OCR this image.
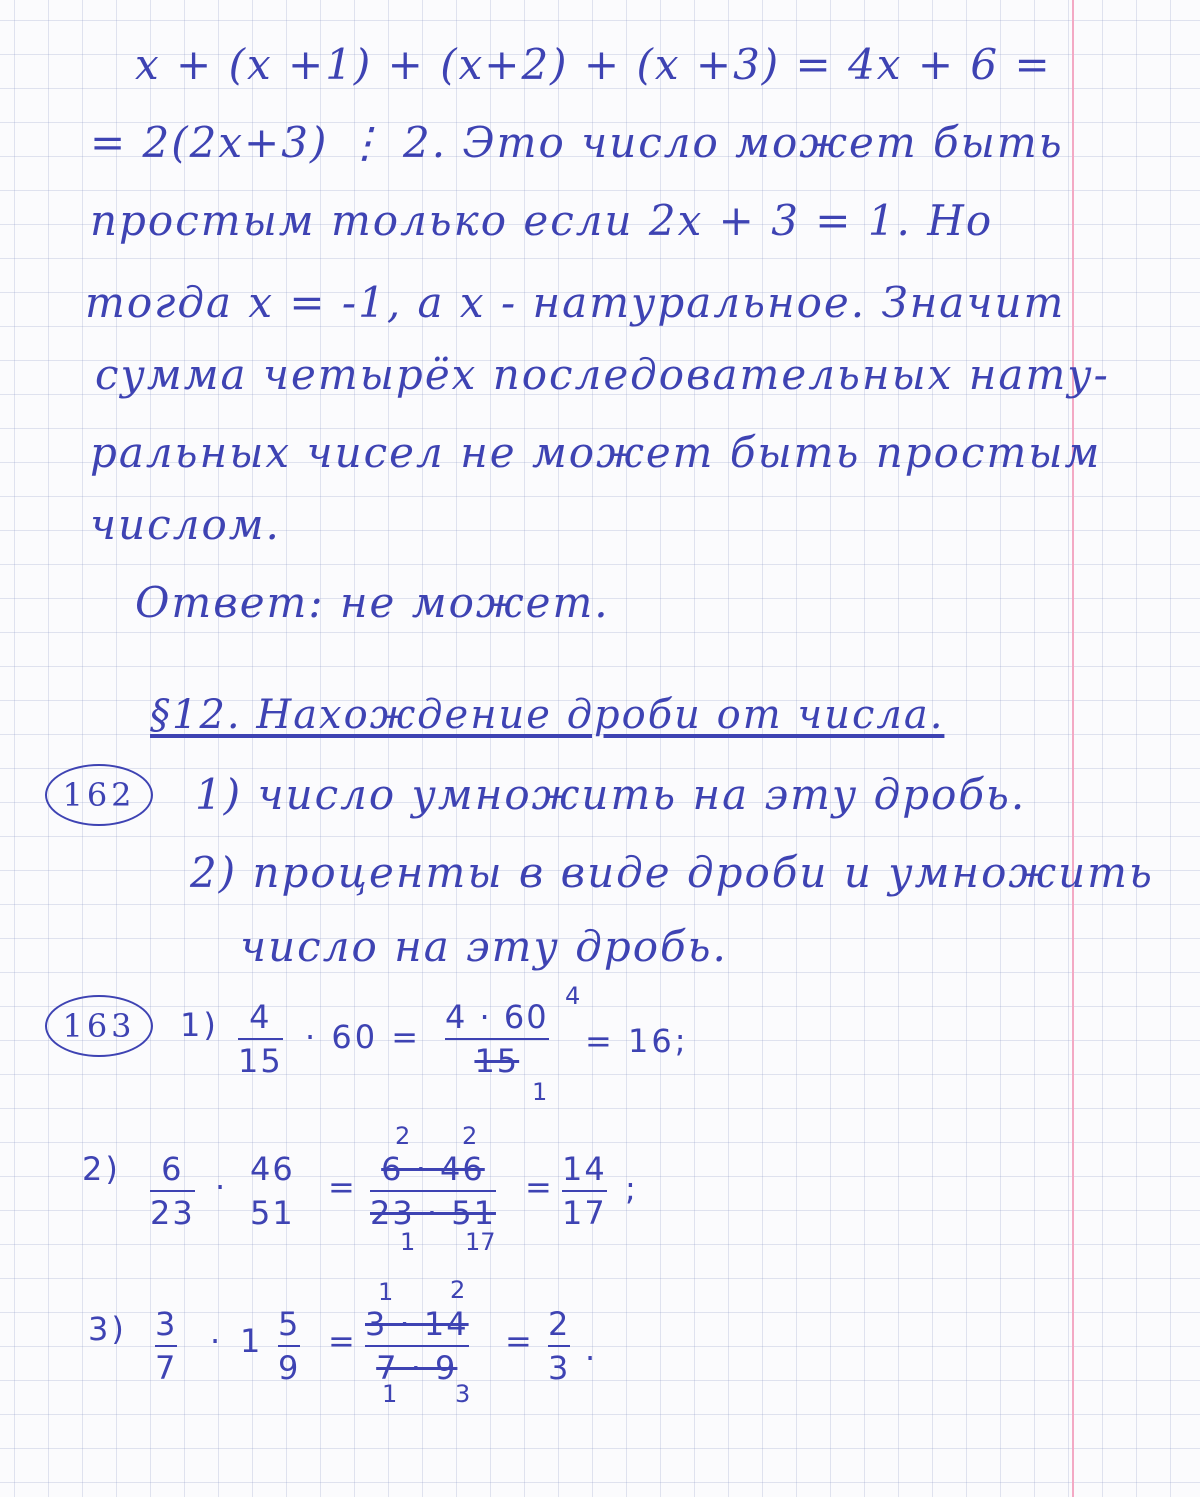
x + (x +1) + (x+2) + (x +3) = 4x + 6 =
= 2(2x+3) ⋮ 2. Это число может быть
простым только если 2x + 3 = 1. Но
тогда x = -1, а x - натуральное. Значит
сумма четырёх последовательных нату-
ральных чисел не может быть простым
числом.
Ответ: не может.
§12. Нахождение дроби от числа.
162	1) число умножить на эту дробь.
2) проценты в виде дроби и умножить
число на эту дробь.
163	1) 4
15
· 60 =
4 · 60
15
4
1
= 16;
2) 6
23
· 46
51
=
2 2
6 · 46
23 · 51
1 17
= 14
17
;
3) 3
7
· 1 5
9
=
1 2
3 · 14
7 · 9
1 3
= 2
3 .
